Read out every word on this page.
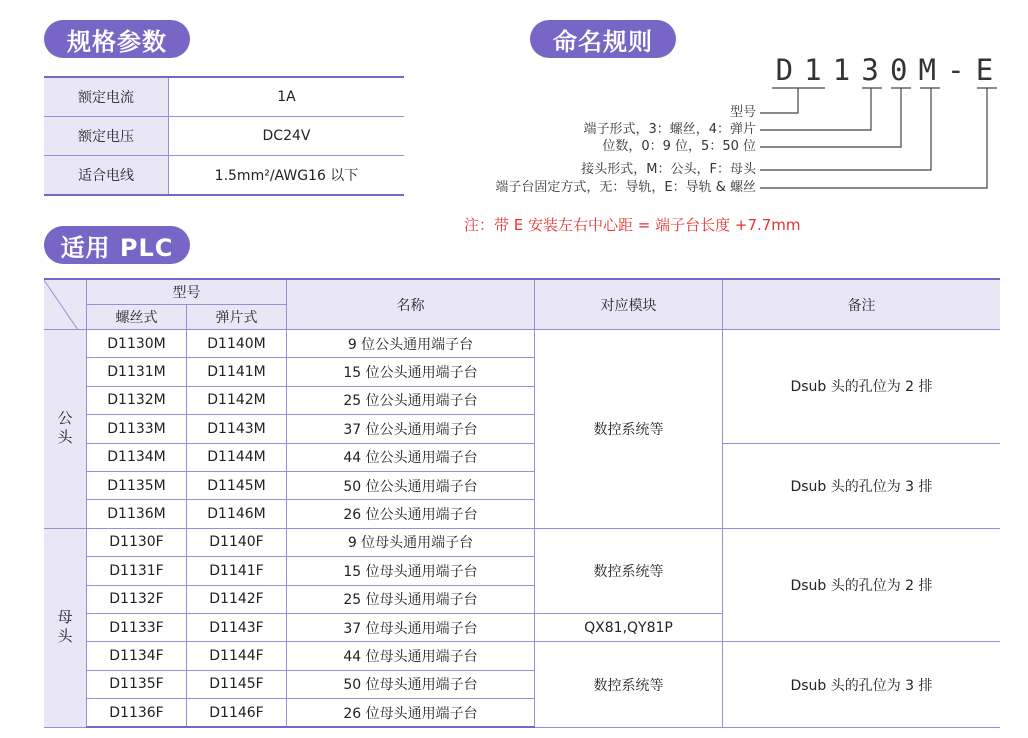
规格参数	命名规则
适用 PLC
额定电流	1A
额定电压	DC24V
适合电线	1.5mm²/AWG16 以下
D 1 1 3 0 M - E
型号
端子形式，3：螺丝，4：弹片
位数，0：9 位，5：50 位
接头形式，M：公头，F：母头
端子台固定方式，无：导轨，E：导轨 & 螺丝
注：带 E 安装左右中心距 = 端子台长度 +7.7mm
	型号		名称	对应模块	备注
	螺丝式	弹片式			
公头	D1130M	D1140M	9 位公头通用端子台	数控系统等	Dsub 头的孔位为 2 排
	D1131M	D1141M	15 位公头通用端子台		
	D1132M	D1142M	25 位公头通用端子台		
	D1133M	D1143M	37 位公头通用端子台		
	D1134M	D1144M	44 位公头通用端子台		Dsub 头的孔位为 3 排
	D1135M	D1145M	50 位公头通用端子台		
	D1136M	D1146M	26 位公头通用端子台		
母头	D1130F	D1140F	9 位母头通用端子台	数控系统等	Dsub 头的孔位为 2 排
	D1131F	D1141F	15 位母头通用端子台		
	D1132F	D1142F	25 位母头通用端子台		
	D1133F	D1143F	37 位母头通用端子台	QX81,QY81P	
	D1134F	D1144F	44 位母头通用端子台	数控系统等	Dsub 头的孔位为 3 排
	D1135F	D1145F	50 位母头通用端子台		
	D1136F	D1146F	26 位母头通用端子台		
